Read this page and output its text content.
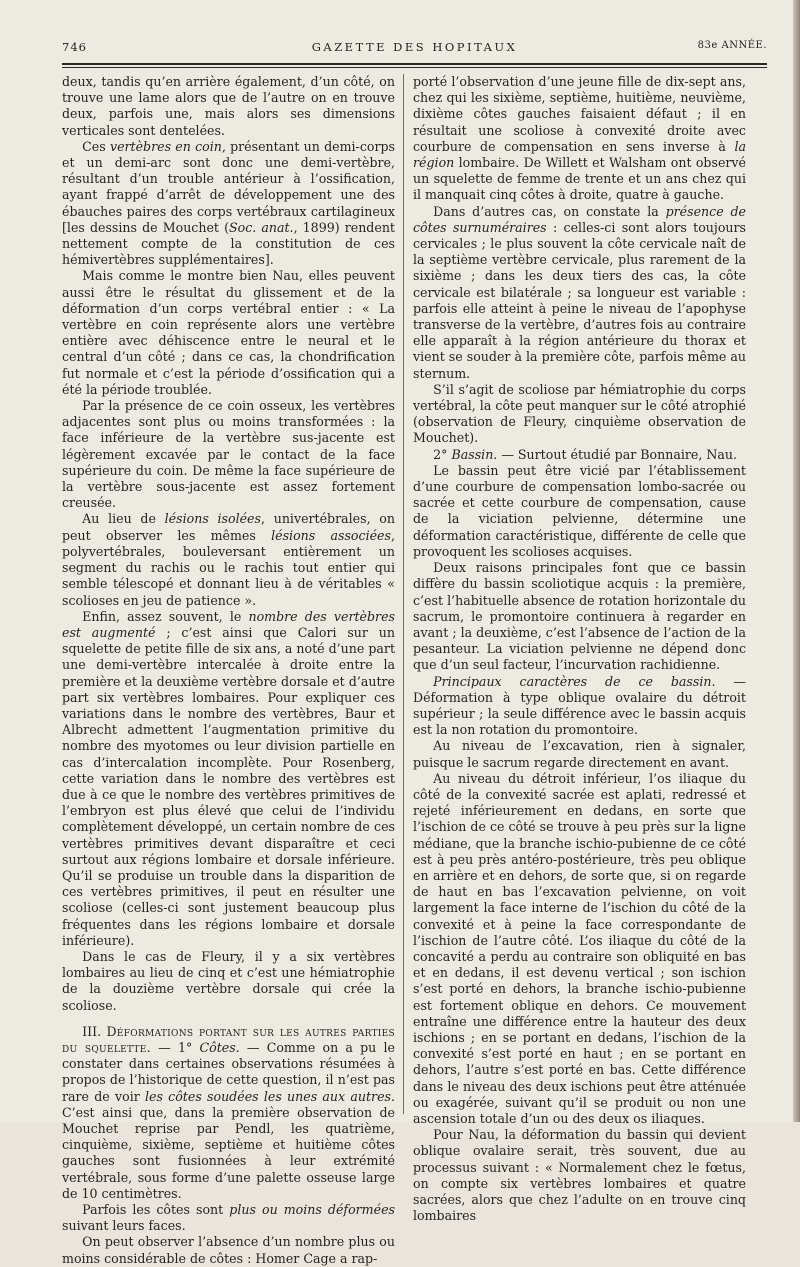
746	GAZETTE DES HOPITAUX	83e ANNÉE.

deux, tandis qu’en arrière également, d’un côté, on trouve une lame alors que de l’autre on en trouve deux, parfois une, mais alors ses dimensions verticales sont dentelées.

Ces vertèbres en coin, présentant un demi-corps et un demi-arc sont donc une demi-vertèbre, résultant d’un trouble antérieur à l’ossification, ayant frappé d’arrêt de développement une des ébauches paires des corps vertébraux cartilagineux [les dessins de Mouchet (Soc. anat., 1899) rendent nettement compte de la constitution de ces hémivertèbres supplémentaires].

Mais comme le montre bien Nau, elles peuvent aussi être le résultat du glissement et de la déformation d’un corps vertébral entier : « La vertèbre en coin représente alors une vertèbre entière avec déhiscence entre le neural et le central d’un côté ; dans ce cas, la chondrification fut normale et c’est la période d’ossification qui a été la période troublée.

Par la présence de ce coin osseux, les vertèbres adjacentes sont plus ou moins transformées : la face inférieure de la vertèbre sus-jacente est légèrement excavée par le contact de la face supérieure du coin. De même la face supérieure de la vertèbre sous-jacente est assez fortement creusée.

Au lieu de lésions isolées, univertébrales, on peut observer les mêmes lésions associées, polyvertébrales, bouleversant entièrement un segment du rachis ou le rachis tout entier qui semble télescopé et donnant lieu à de véritables « scolioses en jeu de patience ».

Enfin, assez souvent, le nombre des vertèbres est augmenté ; c’est ainsi que Calori sur un squelette de petite fille de six ans, a noté d’une part une demi-vertèbre intercalée à droite entre la première et la deuxième vertèbre dorsale et d’autre part six vertèbres lombaires. Pour expliquer ces variations dans le nombre des vertèbres, Baur et Albrecht admettent l’augmentation primitive du nombre des myotomes ou leur division partielle en cas d’intercalation incomplète. Pour Rosenberg, cette variation dans le nombre des vertèbres est due à ce que le nombre des vertèbres primitives de l’embryon est plus élevé que celui de l’individu complètement développé, un certain nombre de ces vertèbres primitives devant disparaître et ceci surtout aux régions lombaire et dorsale inférieure. Qu’il se produise un trouble dans la disparition de ces vertèbres primitives, il peut en résulter une scoliose (celles-ci sont justement beaucoup plus fréquentes dans les régions lombaire et dorsale inférieure).

Dans le cas de Fleury, il y a six vertèbres lombaires au lieu de cinq et c’est une hémiatrophie de la douzième vertèbre dorsale qui crée la scoliose.

III. Déformations portant sur les autres parties du squelette. — 1° Côtes. — Comme on a pu le constater dans certaines observations résumées à propos de l’historique de cette question, il n’est pas rare de voir les côtes soudées les unes aux autres. C’est ainsi que, dans la première observation de Mouchet reprise par Pendl, les quatrième, cinquième, sixième, septième et huitième côtes gauches sont fusionnées à leur extrémité vertébrale, sous forme d’une palette osseuse large de 10 centimètres.

Parfois les côtes sont plus ou moins déformées suivant leurs faces.

On peut observer l’absence d’un nombre plus ou moins considérable de côtes : Homer Cage a rap-

porté l’observation d’une jeune fille de dix-sept ans, chez qui les sixième, septième, huitième, neuvième, dixième côtes gauches faisaient défaut ; il en résultait une scoliose à convexité droite avec courbure de compensation en sens inverse à la région lombaire. De Willett et Walsham ont observé un squelette de femme de trente et un ans chez qui il manquait cinq côtes à droite, quatre à gauche.

Dans d’autres cas, on constate la présence de côtes surnuméraires : celles-ci sont alors toujours cervicales ; le plus souvent la côte cervicale naît de la septième vertèbre cervicale, plus rarement de la sixième ; dans les deux tiers des cas, la côte cervicale est bilatérale ; sa longueur est variable : parfois elle atteint à peine le niveau de l’apophyse transverse de la vertèbre, d’autres fois au contraire elle apparaît à la région antérieure du thorax et vient se souder à la première côte, parfois même au sternum.

S’il s’agit de scoliose par hémiatrophie du corps vertébral, la côte peut manquer sur le côté atrophié (observation de Fleury, cinquième observation de Mouchet).

2° Bassin. — Surtout étudié par Bonnaire, Nau.

Le bassin peut être vicié par l’établissement d’une courbure de compensation lombo-sacrée ou sacrée et cette courbure de compensation, cause de la viciation pelvienne, détermine une déformation caractéristique, différente de celle que provoquent les scolioses acquises.

Deux raisons principales font que ce bassin diffère du bassin scoliotique acquis : la première, c’est l’habituelle absence de rotation horizontale du sacrum, le promontoire continuera à regarder en avant ; la deuxième, c’est l’absence de l’action de la pesanteur. La viciation pelvienne ne dépend donc que d’un seul facteur, l’incurvation rachidienne.

Principaux caractères de ce bassin. — Déformation à type oblique ovalaire du détroit supérieur ; la seule différence avec le bassin acquis est la non rotation du promontoire.

Au niveau de l’excavation, rien à signaler, puisque le sacrum regarde directement en avant.

Au niveau du détroit inférieur, l’os iliaque du côté de la convexité sacrée est aplati, redressé et rejeté inférieurement en dedans, en sorte que l’ischion de ce côté se trouve à peu près sur la ligne médiane, que la branche ischio-pubienne de ce côté est à peu près antéro-postérieure, très peu oblique en arrière et en dehors, de sorte que, si on regarde de haut en bas l’excavation pelvienne, on voit largement la face interne de l’ischion du côté de la convexité et à peine la face correspondante de l’ischion de l’autre côté. L’os iliaque du côté de la concavité a perdu au contraire son obliquité en bas et en dedans, il est devenu vertical ; son ischion s’est porté en dehors, la branche ischio-pubienne est fortement oblique en dehors. Ce mouvement entraîne une différence entre la hauteur des deux ischions ; en se portant en dedans, l’ischion de la convexité s’est porté en haut ; en se portant en dehors, l’autre s’est porté en bas. Cette différence dans le niveau des deux ischions peut être atténuée ou exagérée, suivant qu’il se produit ou non une ascension totale d’un ou des deux os iliaques.

Pour Nau, la déformation du bassin qui devient oblique ovalaire serait, très souvent, due au processus suivant : « Normalement chez le fœtus, on compte six vertèbres lombaires et quatre sacrées, alors que chez l’adulte on en trouve cinq lombaires
